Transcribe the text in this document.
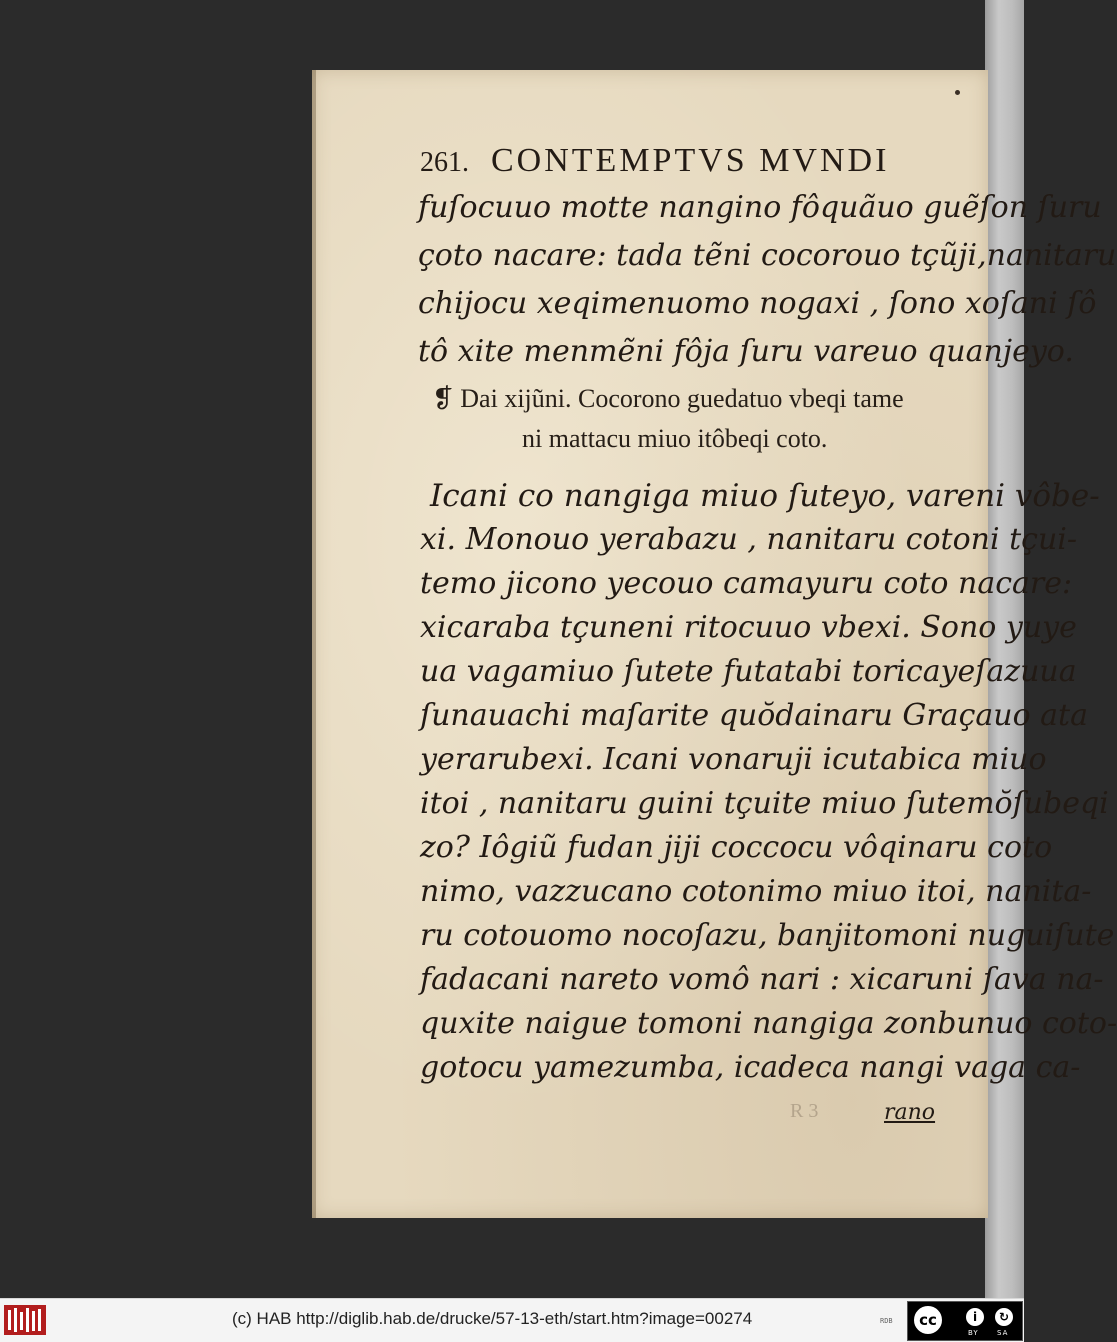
261. CONTEMPTVS MVNDI
fuſocuuo motte nangino fôquãuo guẽſon ſuru
çoto nacare: tada tẽni cocorouo tçũji,nanitaru
chijocu xeqimenuomo nogaxi , ſono xoſani ſô
tô xite menmẽni fôja ſuru vareuo quanjeyo.
❡ Dai xijũni. Cocorono guedatuo vbeqi tame
ni mattacu miuo itôbeqi coto.
Icani co nangiga miuo ſuteyo, vareni vôbe-
xi. Monouo yerabazu , nanitaru cotoni tçui-
temo jicono yecouo camayuru coto nacare:
xicaraba tçuneni ritocuuo vbexi. Sono yuye
ua vagamiuo ſutete futatabi toricayeſazuua
ſunauachi maſarite quŏdainaru Graçauo ata
yerarubexi. Icani vonaruji icutabica miuo
itoi , nanitaru guini tçuite miuo ſutemŏſubeqi
zo? Iôgiũ fudan jiji coccocu vôqinaru coto
nimo, vazzucano cotonimo miuo itoi, nanita-
ru cotouomo nocoſazu, banjitomoni nuguiſute
fadacani nareto vomô nari : xicaruni ſava na-
quxite naigue tomoni nangiga zonbunuo coto-
gotocu yamezumba, icadeca nangi vaga ca-
R 3	rano
(c) HAB http://diglib.hab.de/drucke/57-13-eth/start.htm?image=00274	RDB	cc	i	↻
BY	SA
